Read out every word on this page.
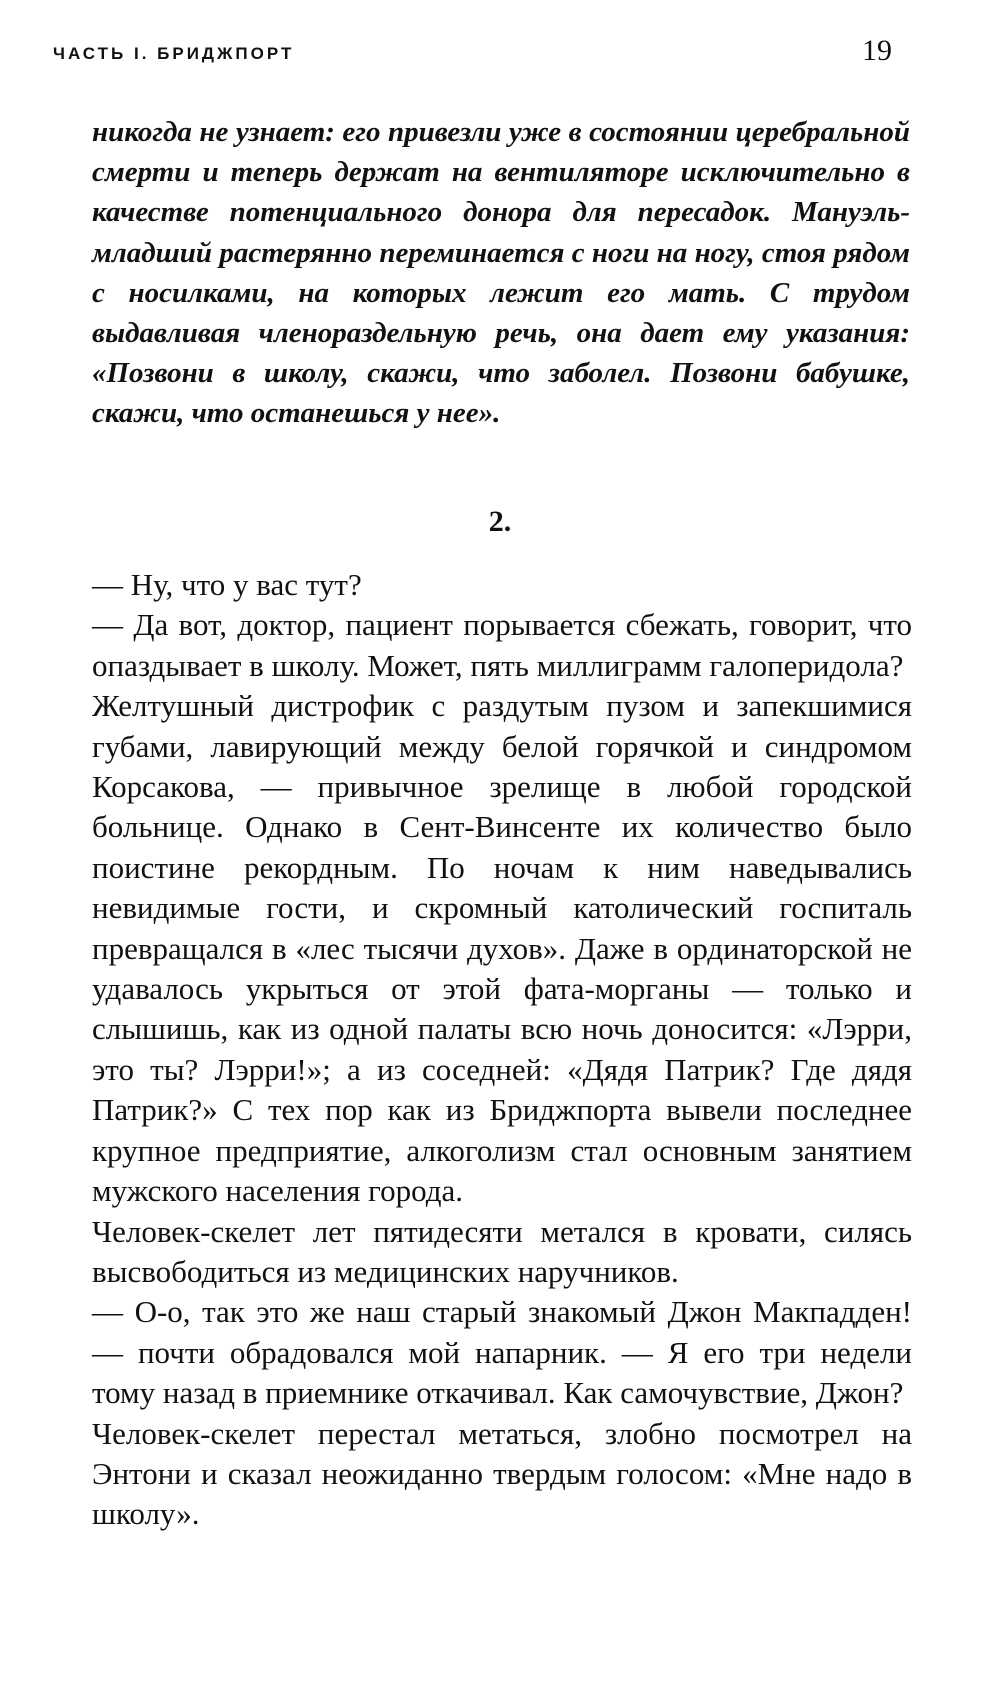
ЧАСТЬ I. БРИДЖПОРТ	19

никогда не узнает: его привезли уже в состоянии церебральной смерти и теперь держат на вентиляторе исключительно в качестве потенциального донора для пересадок. Мануэль-младший растерянно переминается с ноги на ногу, стоя рядом с носилками, на которых лежит его мать. С трудом выдавливая членораздельную речь, она дает ему указания: «Позвони в школу, скажи, что заболел. Позвони бабушке, скажи, что останешься у нее».

2.

— Ну, что у вас тут?

— Да вот, доктор, пациент порывается сбежать, говорит, что опаздывает в школу. Может, пять миллиграмм галоперидола?

Желтушный дистрофик с раздутым пузом и запекшимися губами, лавирующий между белой горячкой и синдромом Корсакова, — привычное зрелище в любой городской больнице. Однако в Сент-Винсенте их количество было поистине рекордным. По ночам к ним наведывались невидимые гости, и скромный католический госпиталь превращался в «лес тысячи духов». Даже в ординаторской не удавалось укрыться от этой фата-морганы — только и слышишь, как из одной палаты всю ночь доносится: «Лэрри, это ты? Лэрри!»; а из соседней: «Дядя Патрик? Где дядя Патрик?» С тех пор как из Бриджпорта вывели последнее крупное предприятие, алкоголизм стал основным занятием мужского населения города.

Человек-скелет лет пятидесяти метался в кровати, силясь высвободиться из медицинских наручников.

— О-о, так это же наш старый знакомый Джон Макпадден! — почти обрадовался мой напарник. — Я его три недели тому назад в приемнике откачивал. Как самочувствие, Джон?

Человек-скелет перестал метаться, злобно посмотрел на Энтони и сказал неожиданно твердым голосом: «Мне надо в школу».
